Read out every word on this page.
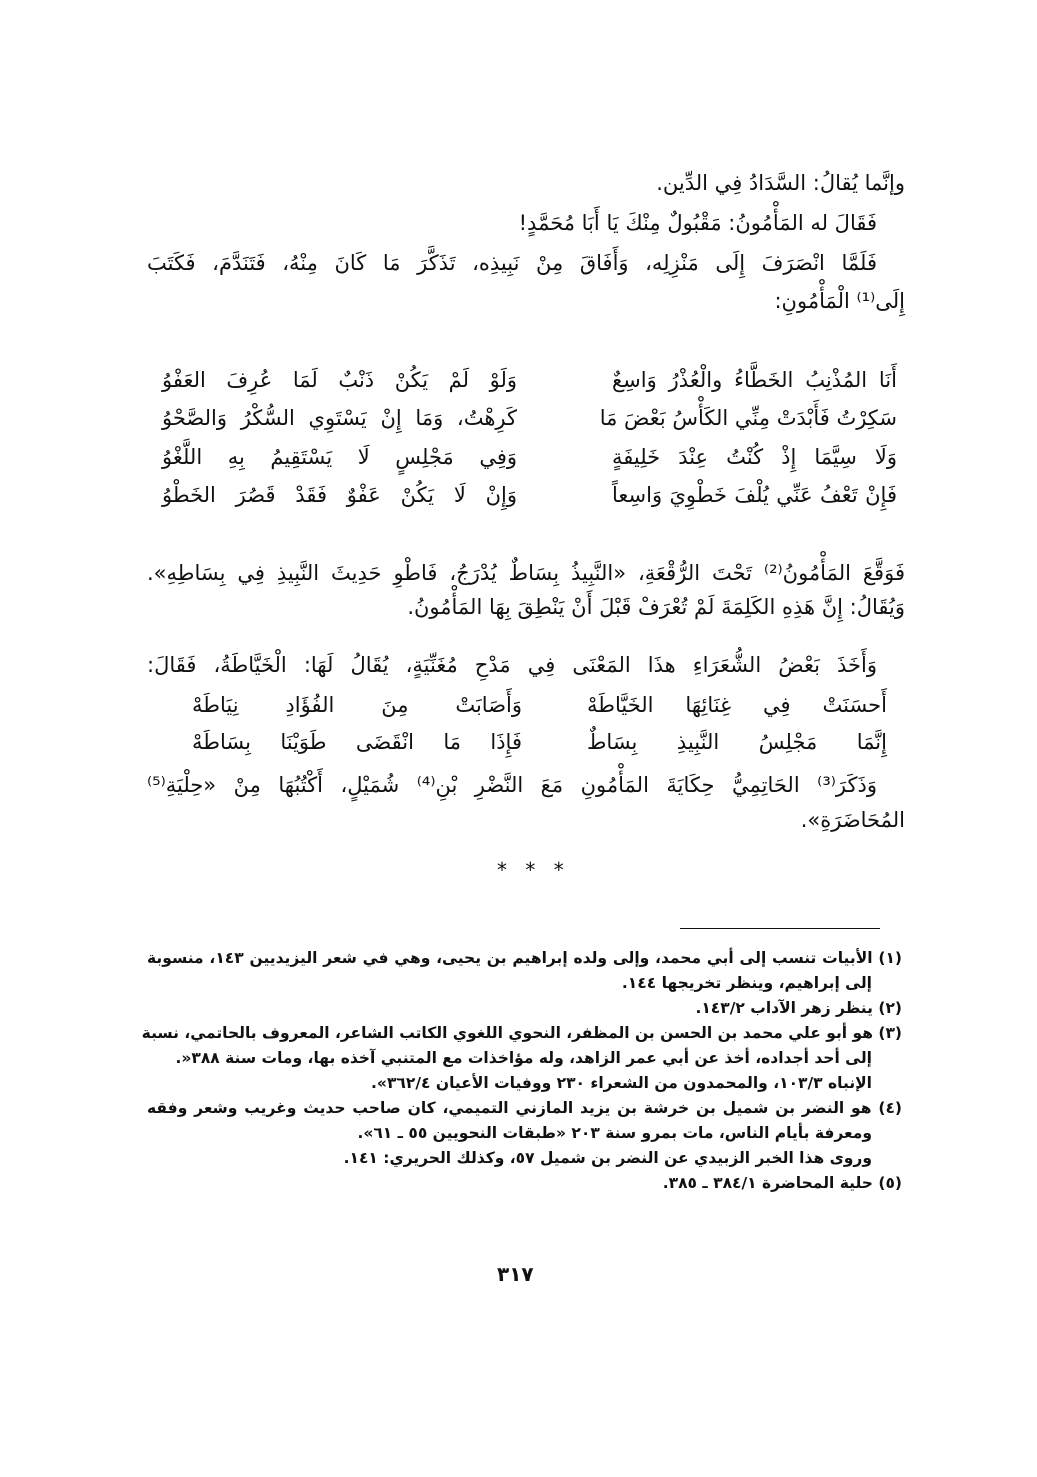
وإنَّما يُقالُ: السَّدَادُ فِي الدِّين.
فَقَالَ له المَأْمُونُ: مَقْبُولٌ مِنْكَ يَا أَبَا مُحَمَّدٍ!
فَلَمَّا انْصَرَفَ إِلَى مَنْزِلِه، وَأَفَاقَ مِنْ نَبِيذِه، تَذَكَّرَ مَا كَانَ مِنْهُ، فَتَنَدَّمَ، فَكَتَبَ
إِلَى⁽¹⁾ الْمَأْمُونِ:
أَنَا المُذْنِبُ الخَطَّاءُ والْعُذْرُ وَاسِعٌ
وَلَوْ لَمْ يَكُنْ ذَنْبٌ لَمَا عُرِفَ العَفْوُ
سَكِرْتُ فَأَبْدَتْ مِنِّي الكَأْسُ بَعْضَ مَا
كَرِهْتُ، وَمَا إِنْ يَسْتَوِي السُّكْرُ وَالصَّحْوُ
وَلَا سِيَّمَا إِذْ كُنْتُ عِنْدَ خَلِيفَةٍ
وَفِي مَجْلِسٍ لَا يَسْتَقِيمُ بِهِ اللَّغْوُ
فَإِنْ تَعْفُ عَنِّي يُلْفَ خَطْوِيَ وَاسِعاً
وَإِنْ لَا يَكُنْ عَفْوٌ فَقَدْ قَصُرَ الخَطْوُ
فَوَقَّعَ المَأْمُونُ⁽²⁾ تَحْتَ الرُّقْعَةِ، «النَّبِيذُ بِسَاطٌ يُدْرَجُ، فَاطْوِ حَدِيثَ النَّبِيذِ فِي بِسَاطِهِ».
وَيُقَالُ: إِنَّ هَذِهِ الكَلِمَةَ لَمْ تُعْرَفْ قَبْلَ أَنْ يَنْطِقَ بِهَا المَأْمُونُ.
وَأَخَذَ بَعْضُ الشُّعَرَاءِ هذَا المَعْنَى فِي مَدْحِ مُغَنِّيَةٍ، يُقَالُ لَهَا: الْخَيَّاطَةُ، فَقَالَ:
أَحسَنَتْ فِي غِنَائِهَا الخَيَّاطَهْ
وَأَصَابَتْ مِنَ الفُؤَادِ نِيَاطَهْ
إِنَّمَا مَجْلِسُ النَّبِيذِ بِسَاطٌ
فَإِذَا مَا انْقَضَى طَوَيْنَا بِسَاطَهْ
وَذَكَرَ⁽³⁾ الحَاتِمِيُّ حِكَايَةَ المَأْمُونِ مَعَ النَّضْرِ بْنِ⁽⁴⁾ شُمَيْلٍ، أَكْتُبُهَا مِنْ «حِلْيَةِ⁽⁵⁾
المُحَاضَرَةِ».
* * *
(١) الأبيات تنسب إلى أبي محمد، وإلى ولده إبراهيم بن يحيى، وهي في شعر اليزيديين ١٤٣، منسوبة
إلى إبراهيم، وينظر تخريجها ١٤٤.
(٢) ينظر زهر الآداب ١٤٣/٢.
(٣) هو أبو علي محمد بن الحسن بن المظفر، النحوي اللغوي الكاتب الشاعر، المعروف بالحاتمي، نسبة
إلى أحد أجداده، أخذ عن أبي عمر الزاهد، وله مؤاخذات مع المتنبي آخذه بها، ومات سنة ٣٨٨«.
الإنباه ١٠٣/٣، والمحمدون من الشعراء ٢٣٠ ووفيات الأعيان ٣٦٢/٤».
(٤) هو النضر بن شميل بن خرشة بن يزيد المازني التميمي، كان صاحب حديث وغريب وشعر وفقه
ومعرفة بأيام الناس، مات بمرو سنة ٢٠٣ «طبقات النحويين ٥٥ ـ ٦١».
وروى هذا الخبر الزبيدي عن النضر بن شميل ٥٧، وكذلك الحريري: ١٤١.
(٥) حلية المحاضرة ٣٨٤/١ ـ ٣٨٥.
٣١٧
